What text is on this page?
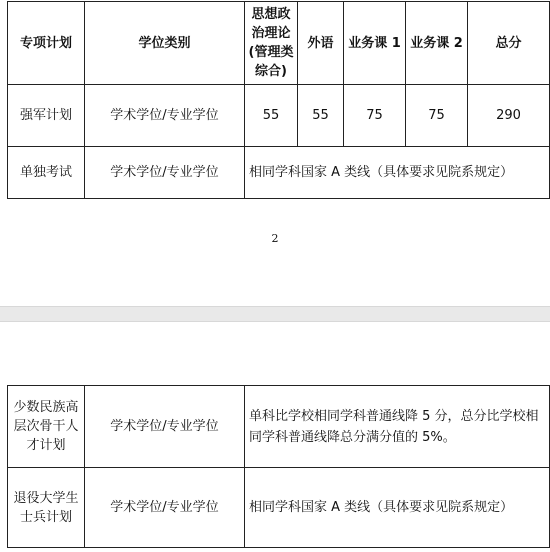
专项计划	学位类别	思想政治理论(管理类综合)	外语	业务课 1	业务课 2	总分
强军计划	学术学位/专业学位	55	55	75	75	290
单独考试	学术学位/专业学位	相同学科国家 A 类线（具体要求见院系规定）				
2
少数民族高层次骨干人才计划	学术学位/专业学位	单科比学校相同学科普通线降 5 分，总分比学校相同学科普通线降总分满分值的 5%。
退役大学生士兵计划	学术学位/专业学位	相同学科国家 A 类线（具体要求见院系规定）
